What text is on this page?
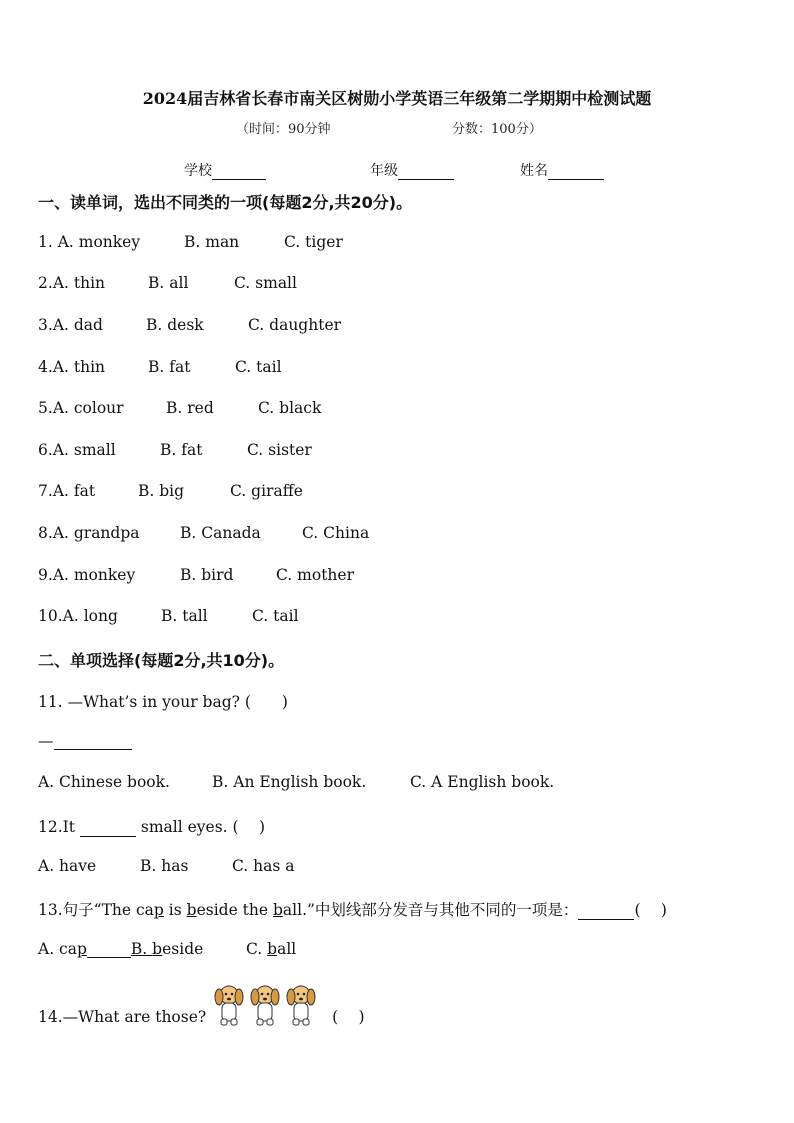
2024届吉林省长春市南关区树勋小学英语三年级第二学期期中检测试题
（时间：90分钟	分数：100分）
学校	年级	姓名
一、读单词，选出不同类的一项(每题2分,共20分)。
1. A. monkey	B. man	C. tiger
2.A. thin	B. all	C. small
3.A. dad	B. desk	C. daughter
4.A. thin	B. fat	C. tail
5.A. colour	B. red	C. black
6.A. small	B. fat	C. sister
7.A. fat	B. big	C. giraffe
8.A. grandpa	B. Canada	C. China
9.A. monkey	B. bird	C. mother
10.A. long	B. tall	C. tail
二、单项选择(每题2分,共10分)。
11. —What’s in your bag? (　　)
—
A. Chinese book.	B. An English book.	C. A English book.
12.It	small eyes. (　 )
A. have	B. has	C. has a
13.句子“The cap is beside the ball.”中划线部分发音与其他不同的一项是：	(　 )
A. cap	B. beside	C. ball
14.—What are those?	(　 )
